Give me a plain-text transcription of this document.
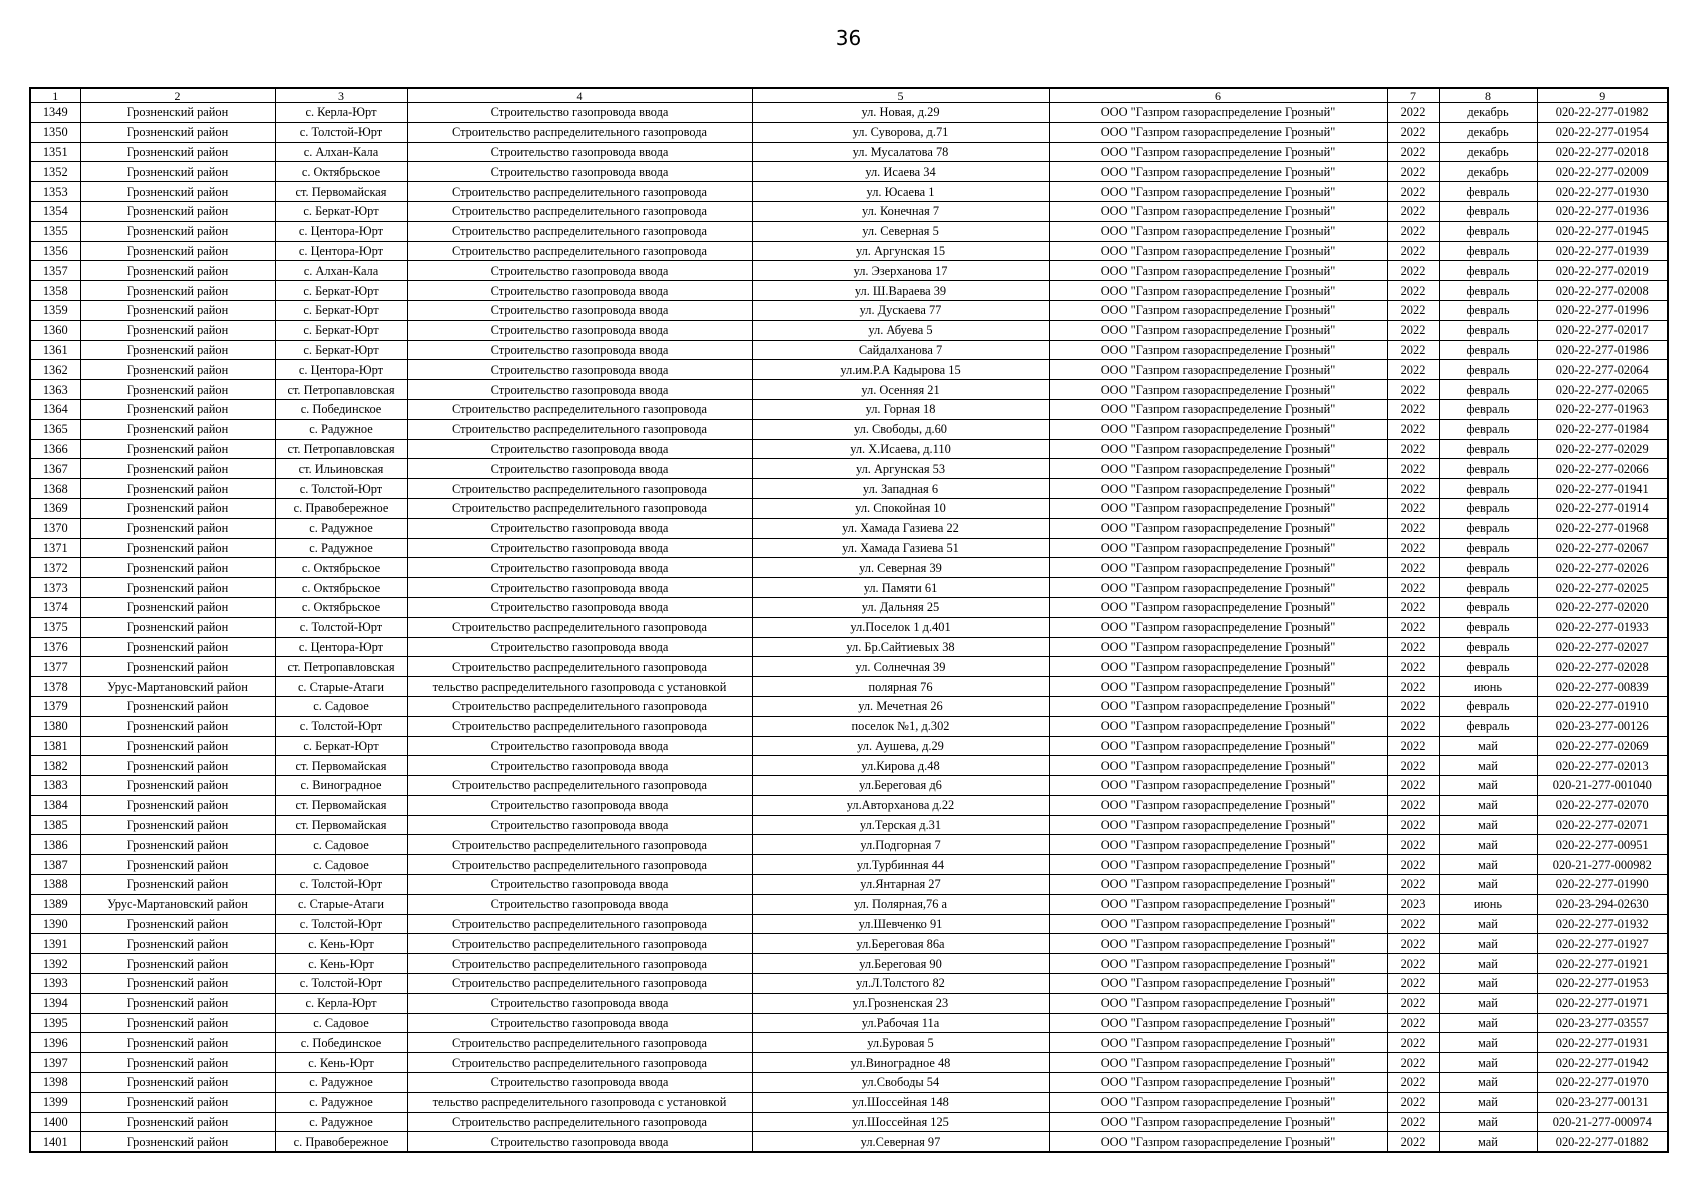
36
1	2	3	4	5	6	7	8	9
1349	Грозненский район	с. Керла-Юрт	Строительство газопровода ввода	ул. Новая, д.29	ООО "Газпром газораспределение Грозный"	2022	декабрь	020-22-277-01982
1350	Грозненский район	с. Толстой-Юрт	Строительство распределительного газопровода	ул. Суворова, д.71	ООО "Газпром газораспределение Грозный"	2022	декабрь	020-22-277-01954
1351	Грозненский район	с. Алхан-Кала	Строительство газопровода ввода	ул. Мусалатова 78	ООО "Газпром газораспределение Грозный"	2022	декабрь	020-22-277-02018
1352	Грозненский район	с. Октябрьское	Строительство газопровода ввода	ул. Исаева 34	ООО "Газпром газораспределение Грозный"	2022	декабрь	020-22-277-02009
1353	Грозненский район	ст. Первомайская	Строительство распределительного газопровода	ул. Юсаева 1	ООО "Газпром газораспределение Грозный"	2022	февраль	020-22-277-01930
1354	Грозненский район	с. Беркат-Юрт	Строительство распределительного газопровода	ул. Конечная 7	ООО "Газпром газораспределение Грозный"	2022	февраль	020-22-277-01936
1355	Грозненский район	с. Центора-Юрт	Строительство распределительного газопровода	ул. Северная 5	ООО "Газпром газораспределение Грозный"	2022	февраль	020-22-277-01945
1356	Грозненский район	с. Центора-Юрт	Строительство распределительного газопровода	ул. Аргунская 15	ООО "Газпром газораспределение Грозный"	2022	февраль	020-22-277-01939
1357	Грозненский район	с. Алхан-Кала	Строительство газопровода ввода	ул. Эзерханова 17	ООО "Газпром газораспределение Грозный"	2022	февраль	020-22-277-02019
1358	Грозненский район	с. Беркат-Юрт	Строительство газопровода ввода	ул. Ш.Вараева 39	ООО "Газпром газораспределение Грозный"	2022	февраль	020-22-277-02008
1359	Грозненский район	с. Беркат-Юрт	Строительство газопровода ввода	ул. Дускаева 77	ООО "Газпром газораспределение Грозный"	2022	февраль	020-22-277-01996
1360	Грозненский район	с. Беркат-Юрт	Строительство газопровода ввода	ул. Абуева 5	ООО "Газпром газораспределение Грозный"	2022	февраль	020-22-277-02017
1361	Грозненский район	с. Беркат-Юрт	Строительство газопровода ввода	Сайдалханова 7	ООО "Газпром газораспределение Грозный"	2022	февраль	020-22-277-01986
1362	Грозненский район	с. Центора-Юрт	Строительство газопровода ввода	ул.им.Р.А Кадырова 15	ООО "Газпром газораспределение Грозный"	2022	февраль	020-22-277-02064
1363	Грозненский район	ст. Петропавловская	Строительство газопровода ввода	ул. Осенняя 21	ООО "Газпром газораспределение Грозный"	2022	февраль	020-22-277-02065
1364	Грозненский район	с. Побединское	Строительство распределительного газопровода	ул. Горная 18	ООО "Газпром газораспределение Грозный"	2022	февраль	020-22-277-01963
1365	Грозненский район	с. Радужное	Строительство распределительного газопровода	ул. Свободы, д.60	ООО "Газпром газораспределение Грозный"	2022	февраль	020-22-277-01984
1366	Грозненский район	ст. Петропавловская	Строительство газопровода ввода	ул. Х.Исаева, д.110	ООО "Газпром газораспределение Грозный"	2022	февраль	020-22-277-02029
1367	Грозненский район	ст. Ильиновская	Строительство газопровода ввода	ул. Аргунская 53	ООО "Газпром газораспределение Грозный"	2022	февраль	020-22-277-02066
1368	Грозненский район	с. Толстой-Юрт	Строительство распределительного газопровода	ул. Западная 6	ООО "Газпром газораспределение Грозный"	2022	февраль	020-22-277-01941
1369	Грозненский район	с. Правобережное	Строительство распределительного газопровода	ул. Спокойная 10	ООО "Газпром газораспределение Грозный"	2022	февраль	020-22-277-01914
1370	Грозненский район	с. Радужное	Строительство газопровода ввода	ул. Хамада Газиева 22	ООО "Газпром газораспределение Грозный"	2022	февраль	020-22-277-01968
1371	Грозненский район	с. Радужное	Строительство газопровода ввода	ул. Хамада Газиева 51	ООО "Газпром газораспределение Грозный"	2022	февраль	020-22-277-02067
1372	Грозненский район	с. Октябрьское	Строительство газопровода ввода	ул. Северная 39	ООО "Газпром газораспределение Грозный"	2022	февраль	020-22-277-02026
1373	Грозненский район	с. Октябрьское	Строительство газопровода ввода	ул. Памяти 61	ООО "Газпром газораспределение Грозный"	2022	февраль	020-22-277-02025
1374	Грозненский район	с. Октябрьское	Строительство газопровода ввода	ул. Дальняя 25	ООО "Газпром газораспределение Грозный"	2022	февраль	020-22-277-02020
1375	Грозненский район	с. Толстой-Юрт	Строительство распределительного газопровода	ул.Поселок 1 д.401	ООО "Газпром газораспределение Грозный"	2022	февраль	020-22-277-01933
1376	Грозненский район	с. Центора-Юрт	Строительство газопровода ввода	ул. Бр.Сайтиевых 38	ООО "Газпром газораспределение Грозный"	2022	февраль	020-22-277-02027
1377	Грозненский район	ст. Петропавловская	Строительство распределительного газопровода	ул. Солнечная 39	ООО "Газпром газораспределение Грозный"	2022	февраль	020-22-277-02028
1378	Урус-Мартановский район	с. Старые-Атаги	тельство распределительного газопровода с установкой	полярная 76	ООО "Газпром газораспределение Грозный"	2022	июнь	020-22-277-00839
1379	Грозненский район	с. Садовое	Строительство распределительного газопровода	ул. Мечетная 26	ООО "Газпром газораспределение Грозный"	2022	февраль	020-22-277-01910
1380	Грозненский район	с. Толстой-Юрт	Строительство распределительного газопровода	поселок №1, д.302	ООО "Газпром газораспределение Грозный"	2022	февраль	020-23-277-00126
1381	Грозненский район	с. Беркат-Юрт	Строительство газопровода ввода	ул. Аушева, д.29	ООО "Газпром газораспределение Грозный"	2022	май	020-22-277-02069
1382	Грозненский район	ст. Первомайская	Строительство газопровода ввода	ул.Кирова д.48	ООО "Газпром газораспределение Грозный"	2022	май	020-22-277-02013
1383	Грозненский район	с. Виноградное	Строительство распределительного газопровода	ул.Береговая д6	ООО "Газпром газораспределение Грозный"	2022	май	020-21-277-001040
1384	Грозненский район	ст. Первомайская	Строительство газопровода ввода	ул.Авторханова д.22	ООО "Газпром газораспределение Грозный"	2022	май	020-22-277-02070
1385	Грозненский район	ст. Первомайская	Строительство газопровода ввода	ул.Терская д.31	ООО "Газпром газораспределение Грозный"	2022	май	020-22-277-02071
1386	Грозненский район	с. Садовое	Строительство распределительного газопровода	ул.Подгорная 7	ООО "Газпром газораспределение Грозный"	2022	май	020-22-277-00951
1387	Грозненский район	с. Садовое	Строительство распределительного газопровода	ул.Турбинная 44	ООО "Газпром газораспределение Грозный"	2022	май	020-21-277-000982
1388	Грозненский район	с. Толстой-Юрт	Строительство газопровода ввода	ул.Янтарная 27	ООО "Газпром газораспределение Грозный"	2022	май	020-22-277-01990
1389	Урус-Мартановский район	с. Старые-Атаги	Строительство газопровода ввода	ул. Полярная,76 а	ООО "Газпром газораспределение Грозный"	2023	июнь	020-23-294-02630
1390	Грозненский район	с. Толстой-Юрт	Строительство распределительного газопровода	ул.Шевченко 91	ООО "Газпром газораспределение Грозный"	2022	май	020-22-277-01932
1391	Грозненский район	с. Кень-Юрт	Строительство распределительного газопровода	ул.Береговая 86а	ООО "Газпром газораспределение Грозный"	2022	май	020-22-277-01927
1392	Грозненский район	с. Кень-Юрт	Строительство распределительного газопровода	ул.Береговая 90	ООО "Газпром газораспределение Грозный"	2022	май	020-22-277-01921
1393	Грозненский район	с. Толстой-Юрт	Строительство распределительного газопровода	ул.Л.Толстого 82	ООО "Газпром газораспределение Грозный"	2022	май	020-22-277-01953
1394	Грозненский район	с. Керла-Юрт	Строительство газопровода ввода	ул.Грозненская 23	ООО "Газпром газораспределение Грозный"	2022	май	020-22-277-01971
1395	Грозненский район	с. Садовое	Строительство газопровода ввода	ул.Рабочая 11а	ООО "Газпром газораспределение Грозный"	2022	май	020-23-277-03557
1396	Грозненский район	с. Побединское	Строительство распределительного газопровода	ул.Буровая 5	ООО "Газпром газораспределение Грозный"	2022	май	020-22-277-01931
1397	Грозненский район	с. Кень-Юрт	Строительство распределительного газопровода	ул.Виноградное 48	ООО "Газпром газораспределение Грозный"	2022	май	020-22-277-01942
1398	Грозненский район	с. Радужное	Строительство газопровода ввода	ул.Свободы 54	ООО "Газпром газораспределение Грозный"	2022	май	020-22-277-01970
1399	Грозненский район	с. Радужное	тельство распределительного газопровода с установкой	ул.Шоссейная 148	ООО "Газпром газораспределение Грозный"	2022	май	020-23-277-00131
1400	Грозненский район	с. Радужное	Строительство распределительного газопровода	ул.Шоссейная 125	ООО "Газпром газораспределение Грозный"	2022	май	020-21-277-000974
1401	Грозненский район	с. Правобережное	Строительство газопровода ввода	ул.Северная 97	ООО "Газпром газораспределение Грозный"	2022	май	020-22-277-01882
